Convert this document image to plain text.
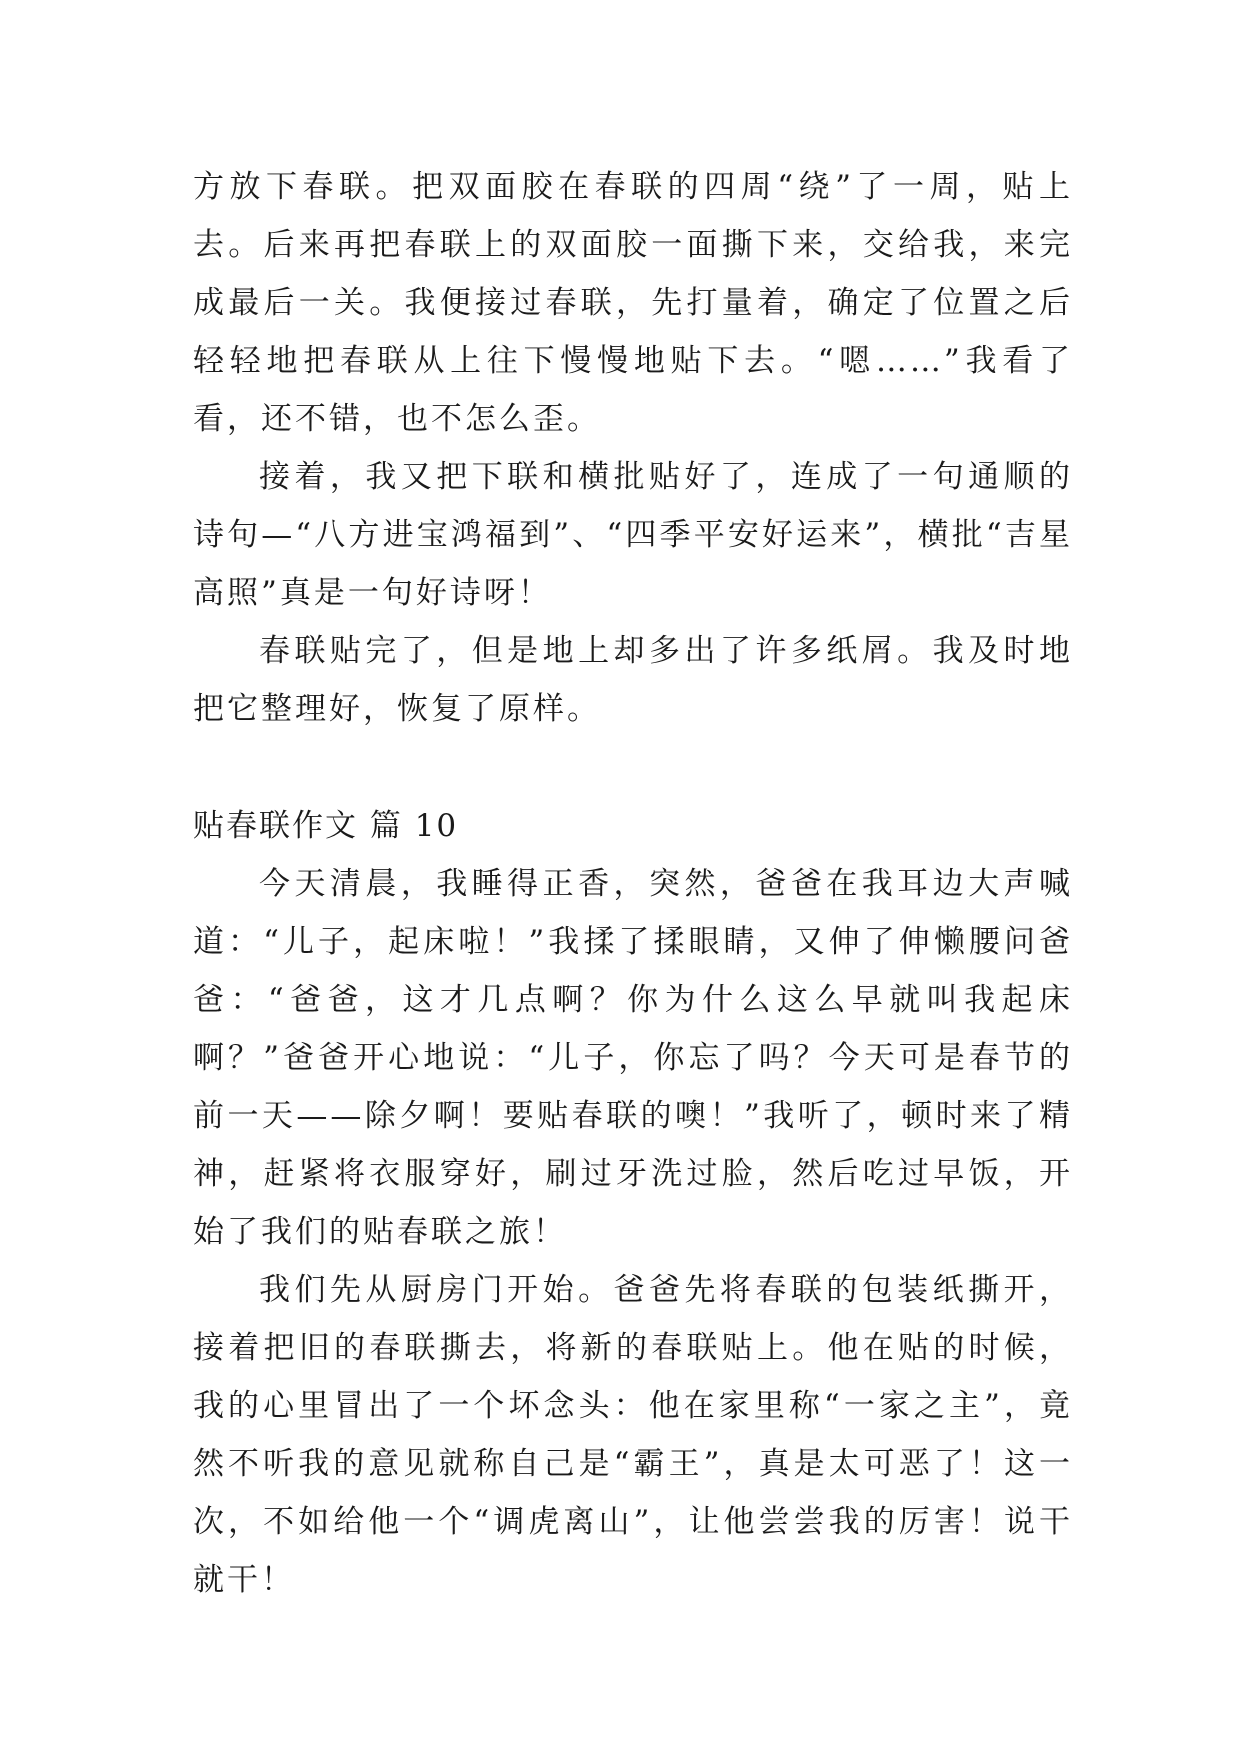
方放下春联。把双面胶在春联的四周“绕”了一周，贴上去。后来再把春联上的双面胶一面撕下来，交给我，来完成最后一关。我便接过春联，先打量着，确定了位置之后轻轻地把春联从上往下慢慢地贴下去。“嗯……”我看了看，还不错，也不怎么歪。

接着，我又把下联和横批贴好了，连成了一句通顺的诗句—“八方进宝鸿福到”、“四季平安好运来”，横批“吉星高照”真是一句好诗呀！

春联贴完了，但是地上却多出了许多纸屑。我及时地把它整理好，恢复了原样。

贴春联作文 篇 10

今天清晨，我睡得正香，突然，爸爸在我耳边大声喊道：“儿子，起床啦！”我揉了揉眼睛，又伸了伸懒腰问爸爸：“爸爸，这才几点啊？你为什么这么早就叫我起床啊？”爸爸开心地说：“儿子，你忘了吗？今天可是春节的前一天——除夕啊！要贴春联的噢！”我听了，顿时来了精神，赶紧将衣服穿好，刷过牙洗过脸，然后吃过早饭，开始了我们的贴春联之旅！

我们先从厨房门开始。爸爸先将春联的包装纸撕开，接着把旧的春联撕去，将新的春联贴上。他在贴的时候，我的心里冒出了一个坏念头：他在家里称“一家之主”，竟然不听我的意见就称自己是“霸王”，真是太可恶了！这一次，不如给他一个“调虎离山”，让他尝尝我的厉害！说干就干！
